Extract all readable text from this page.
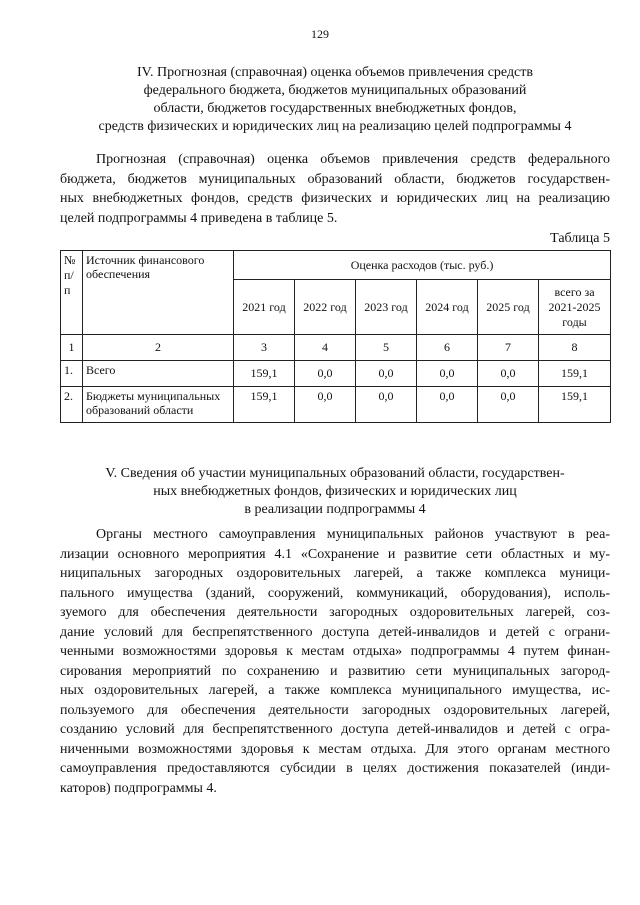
129
IV. Прогнозная (справочная) оценка объемов привлечения средств
федерального бюджета, бюджетов муниципальных образований
области, бюджетов государственных внебюджетных фондов,
средств физических и юридических лиц на реализацию целей подпрограммы 4
Прогнозная (справочная) оценка объемов привлечения средств федерального
бюджета, бюджетов муниципальных образований области, бюджетов государствен-
ных внебюджетных фондов, средств физических и юридических лиц на реализацию
целей подпрограммы 4 приведена в таблице 5.
Таблица 5
№ п/п	Источник финансового обеспечения	Оценка расходов (тыс. руб.)					
		2021 год	2022 год	2023 год	2024 год	2025 год	всего за 2021-2025 годы
1	2	3	4	5	6	7	8
1.	Всего	159,1	0,0	0,0	0,0	0,0	159,1
2.	Бюджеты муниципальных образований области	159,1	0,0	0,0	0,0	0,0	159,1
V. Сведения об участии муниципальных образований области, государствен-
ных внебюджетных фондов, физических и юридических лиц
в реализации подпрограммы 4
Органы местного самоуправления муниципальных районов участвуют в реа-
лизации основного мероприятия 4.1 «Сохранение и развитие сети областных и му-
ниципальных загородных оздоровительных лагерей, а также комплекса муници-
пального имущества (зданий, сооружений, коммуникаций, оборудования), исполь-
зуемого для обеспечения деятельности загородных оздоровительных лагерей, соз-
дание условий для беспрепятственного доступа детей-инвалидов и детей с ограни-
ченными возможностями здоровья к местам отдыха» подпрограммы 4 путем финан-
сирования мероприятий по сохранению и развитию сети муниципальных загород-
ных оздоровительных лагерей, а также комплекса муниципального имущества, ис-
пользуемого для обеспечения деятельности загородных оздоровительных лагерей,
созданию условий для беспрепятственного доступа детей-инвалидов и детей с огра-
ниченными возможностями здоровья к местам отдыха. Для этого органам местного
самоуправления предоставляются субсидии в целях достижения показателей (инди-
каторов) подпрограммы 4.
